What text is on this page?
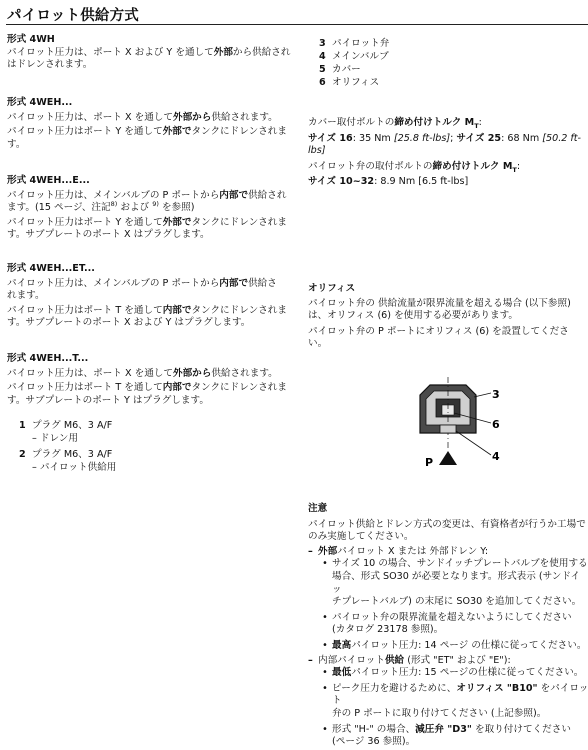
パイロット供給方式

形式 4WH

パイロット圧力は、ポート X および Y を通して外部から供給され

はドレンされます。

形式 4WEH...

パイロット圧力は、ポート X を通して外部から供給されます。

パイロット圧力はポート Y を通して外部でタンクにドレンされま

す。

形式 4WEH...E...

パイロット圧力は、メインバルブの P ポートから内部で供給され

ます。(15 ページ、注記$^{8)}$ および $^{9)}$ を参照)

パイロット圧力はポート Y を通して外部でタンクにドレンされま

す。サブプレートのポート X はプラグします。

形式 4WEH...ET...

パイロット圧力は、メインバルブの P ポートから内部で供給さ

れます。

パイロット圧力はポート T を通して内部でタンクにドレンされま

す。サブプレートのポート X および Y はプラグします。

形式 4WEH...T...

パイロット圧力は、ポート X を通して外部から供給されます。

パイロット圧力はポート T を通して内部でタンクにドレンされま

す。サブプレートのポート Y はプラグします。

1 プラグ M6、3 A/F
– ドレン用
2 プラグ M6、3 A/F
– パイロット供給用
3 パイロット弁
4 メインバルブ
5 カバー
6 オリフィス

カバー取付ボルトの締め付けトルク $M_T$:

サイズ 16: 35 Nm [25.8 ft-lbs]; サイズ 25: 68 Nm [50.2 ft-lbs]

パイロット弁の取付ボルトの締め付けトルク $M_T$:

サイズ 10~32: 8.9 Nm [6.5 ft-lbs]

オリフィス

パイロット弁の 供給流量が限界流量を超える場合 (以下参照)

は、オリフィス (6) を使用する必要があります。

パイロット弁の P ポートにオリフィス (6) を設置してください。

P
3
6
4

注意

パイロット供給とドレン方式の変更は、有資格者が行うか工場で

のみ実施してください。

– 外部パイロット X または 外部ドレン Y:
• サイズ 10 の場合、サンドイッチプレートバルブを使用する
場合、形式 SO30 が必要となります。形式表示 (サンドイッ
チプレートバルブ) の末尾に SO30 を追加してください。
• パイロット弁の限界流量を超えないようにしてください
(カタログ 23178 参照)。
• 最高パイロット圧力: 14 ページ の仕様に従ってください。
– 内部パイロット供給 (形式 "ET" および "E"):
• 最低パイロット圧力: 15 ページの仕様に従ってください。
• ピーク圧力を避けるために、オリフィス "B10" をパイロット
弁の P ポートに取り付けてください (上記参照)。
• 形式 "H-" の場合、減圧弁 "D3" を取り付けてください
(ページ 36 参照)。
